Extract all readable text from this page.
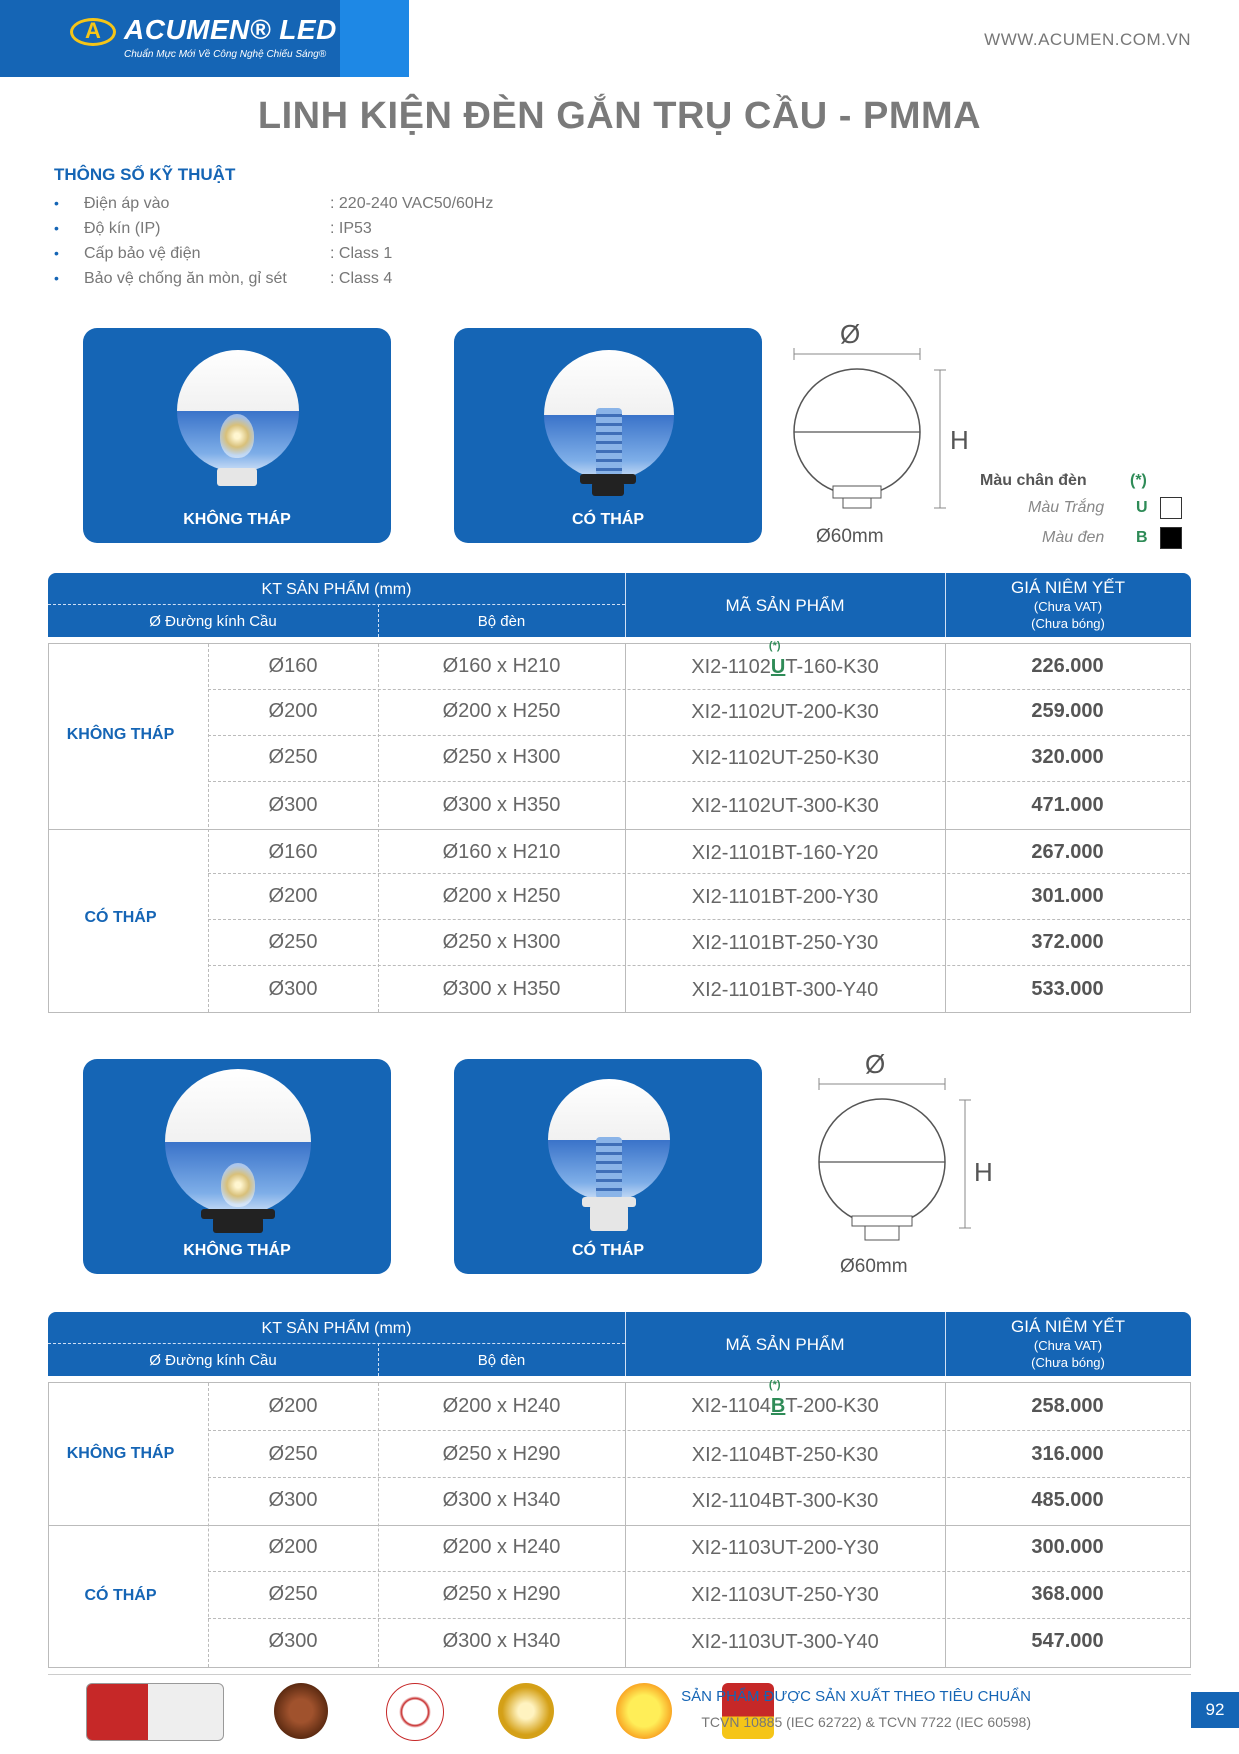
A ACUMEN® LED
Chuẩn Mực Mới Về Công Nghệ Chiếu Sáng®
WWW.ACUMEN.COM.VN
LINH KIỆN ĐÈN GẮN TRỤ CẦU - PMMA
THÔNG SỐ KỸ THUẬT
• Điện áp vào	: 220-240 VAC50/60Hz
• Độ kín (IP)	: IP53
• Cấp bảo vệ điện	: Class 1
• Bảo vệ chống ăn mòn, gỉ sét	: Class 4
KHÔNG THÁP	CÓ THÁP
Ø
H
Ø60mm
Màu chân đèn	(*)
Màu Trắng U
Màu đen B
KT SẢN PHẨM (mm)
Ø Đường kính Cầu	Bộ đèn
MÃ SẢN PHẨM
GIÁ NIÊM YẾT
(Chưa VAT)
(Chưa bóng)
KHÔNG THÁP
CÓ THÁP
Ø160	Ø160 x H210	XI2-1102(*) UT-160-K30	226.000
Ø200	Ø200 x H250	XI2-1102UT-200-K30	259.000
Ø250	Ø250 x H300	XI2-1102UT-250-K30	320.000
Ø300	Ø300 x H350	XI2-1102UT-300-K30	471.000
Ø160	Ø160 x H210	XI2-1101BT-160-Y20	267.000
Ø200	Ø200 x H250	XI2-1101BT-200-Y30	301.000
Ø250	Ø250 x H300	XI2-1101BT-250-Y30	372.000
Ø300	Ø300 x H350	XI2-1101BT-300-Y40	533.000
KHÔNG THÁP	CÓ THÁP
Ø
H
Ø60mm
KT SẢN PHẨM (mm)
Ø Đường kính Cầu	Bộ đèn
MÃ SẢN PHẨM
GIÁ NIÊM YẾT
(Chưa VAT)
(Chưa bóng)
KHÔNG THÁP
CÓ THÁP
Ø200	Ø200 x H240	XI2-1104(*) BT-200-K30	258.000
Ø250	Ø250 x H290	XI2-1104BT-250-K30	316.000
Ø300	Ø300 x H340	XI2-1104BT-300-K30	485.000
Ø200	Ø200 x H240	XI2-1103UT-200-Y30	300.000
Ø250	Ø250 x H290	XI2-1103UT-250-Y30	368.000
Ø300	Ø300 x H340	XI2-1103UT-300-Y40	547.000
SẢN PHẨM ĐƯỢC SẢN XUẤT THEO TIÊU CHUẨN
TCVN 10885 (IEC 62722) & TCVN 7722 (IEC 60598)
92
